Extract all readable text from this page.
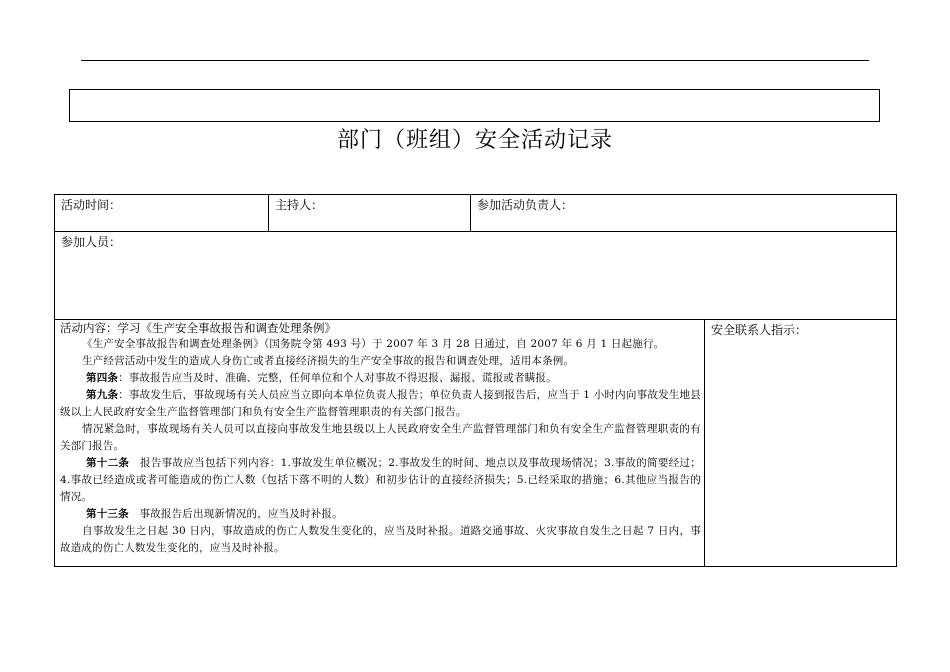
部门（班组）安全活动记录
活动时间：	主持人：	参加活动负责人：
参加人员：
活动内容：学习《生产安全事故报告和调查处理条例》

《生产安全事故报告和调查处理条例》（国务院令第 493 号）于 2007 年 3 月 28 日通过，自 2007 年 6 月 1 日起施行。

生产经营活动中发生的造成人身伤亡或者直接经济损失的生产安全事故的报告和调查处理，适用本条例。

第四条：事故报告应当及时、准确、完整，任何单位和个人对事故不得迟报、漏报、谎报或者瞒报。

第九条：事故发生后，事故现场有关人员应当立即向本单位负责人报告；单位负责人接到报告后，应当于 1 小时内向事故发生地县级以上人民政府安全生产监督管理部门和负有安全生产监督管理职责的有关部门报告。

情况紧急时，事故现场有关人员可以直接向事故发生地县级以上人民政府安全生产监督管理部门和负有安全生产监督管理职责的有关部门报告。

第十二条　报告事故应当包括下列内容：1.事故发生单位概况；2.事故发生的时间、地点以及事故现场情况；3.事故的简要经过；4.事故已经造成或者可能造成的伤亡人数（包括下落不明的人数）和初步估计的直接经济损失；5.已经采取的措施；6.其他应当报告的情况。

第十三条　事故报告后出现新情况的，应当及时补报。

自事故发生之日起 30 日内，事故造成的伤亡人数发生变化的，应当及时补报。道路交通事故、火灾事故自发生之日起 7 日内，事故造成的伤亡人数发生变化的，应当及时补报。

安全联系人指示：
